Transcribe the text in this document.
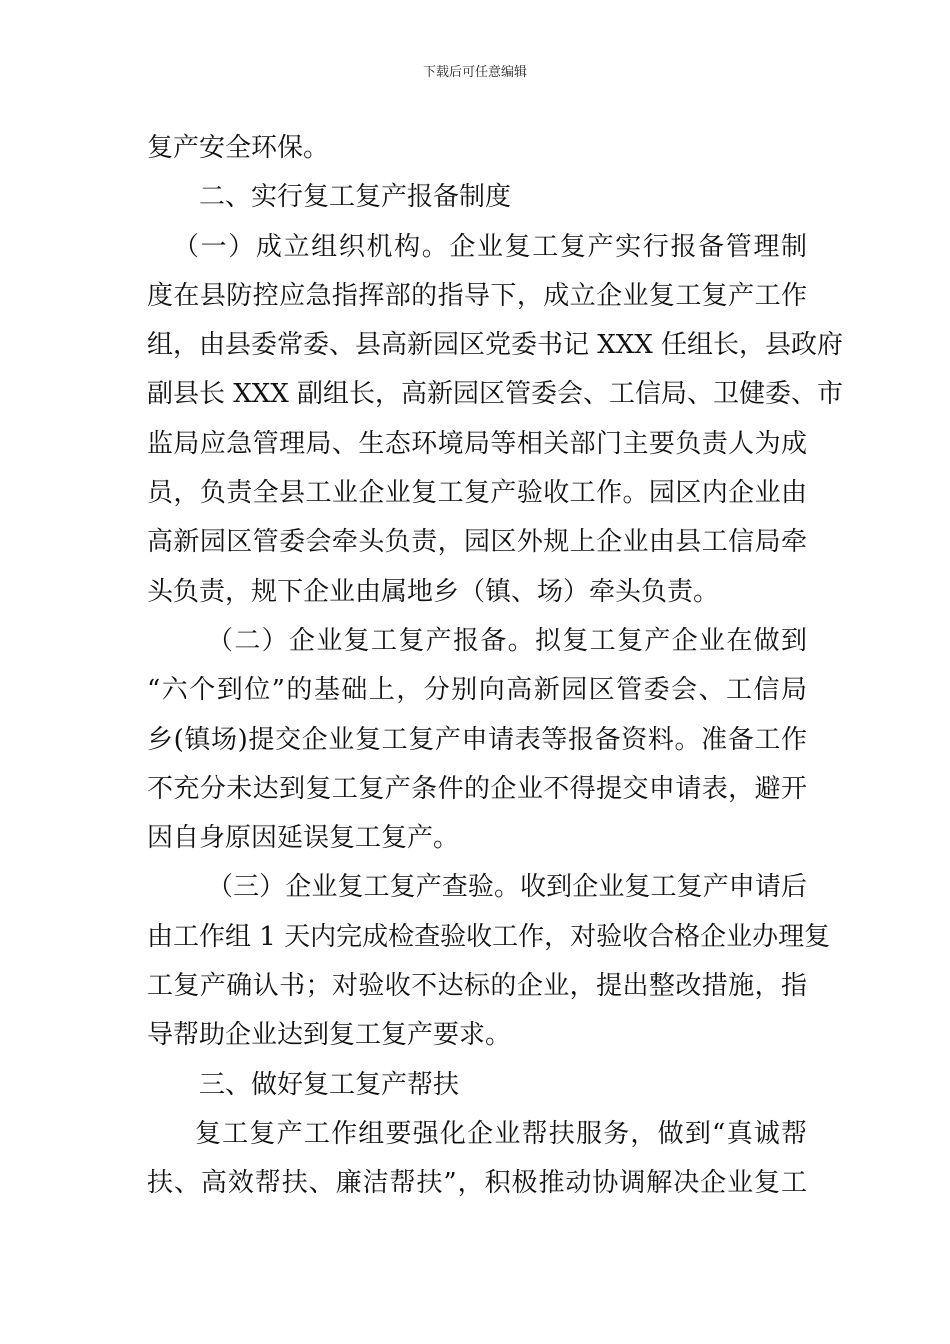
下载后可任意编辑
复产安全环保。
二、实行复工复产报备制度
（一）成立组织机构。企业复工复产实行报备管理制
度在县防控应急指挥部的指导下，成立企业复工复产工作
组，由县委常委、县高新园区党委书记 XXX 任组长，县政府
副县长 XXX 副组长，高新园区管委会、工信局、卫健委、市
监局应急管理局、生态环境局等相关部门主要负责人为成
员，负责全县工业企业复工复产验收工作。园区内企业由
高新园区管委会牵头负责，园区外规上企业由县工信局牵
头负责，规下企业由属地乡（镇、场）牵头负责。
（二）企业复工复产报备。拟复工复产企业在做到
“六个到位”的基础上，分别向高新园区管委会、工信局
乡(镇场)提交企业复工复产申请表等报备资料。准备工作
不充分未达到复工复产条件的企业不得提交申请表，避开
因自身原因延误复工复产。
（三）企业复工复产查验。收到企业复工复产申请后
由工作组 1 天内完成检查验收工作，对验收合格企业办理复
工复产确认书；对验收不达标的企业，提出整改措施，指
导帮助企业达到复工复产要求。
三、做好复工复产帮扶
复工复产工作组要强化企业帮扶服务，做到“真诚帮
扶、高效帮扶、廉洁帮扶”，积极推动协调解决企业复工
